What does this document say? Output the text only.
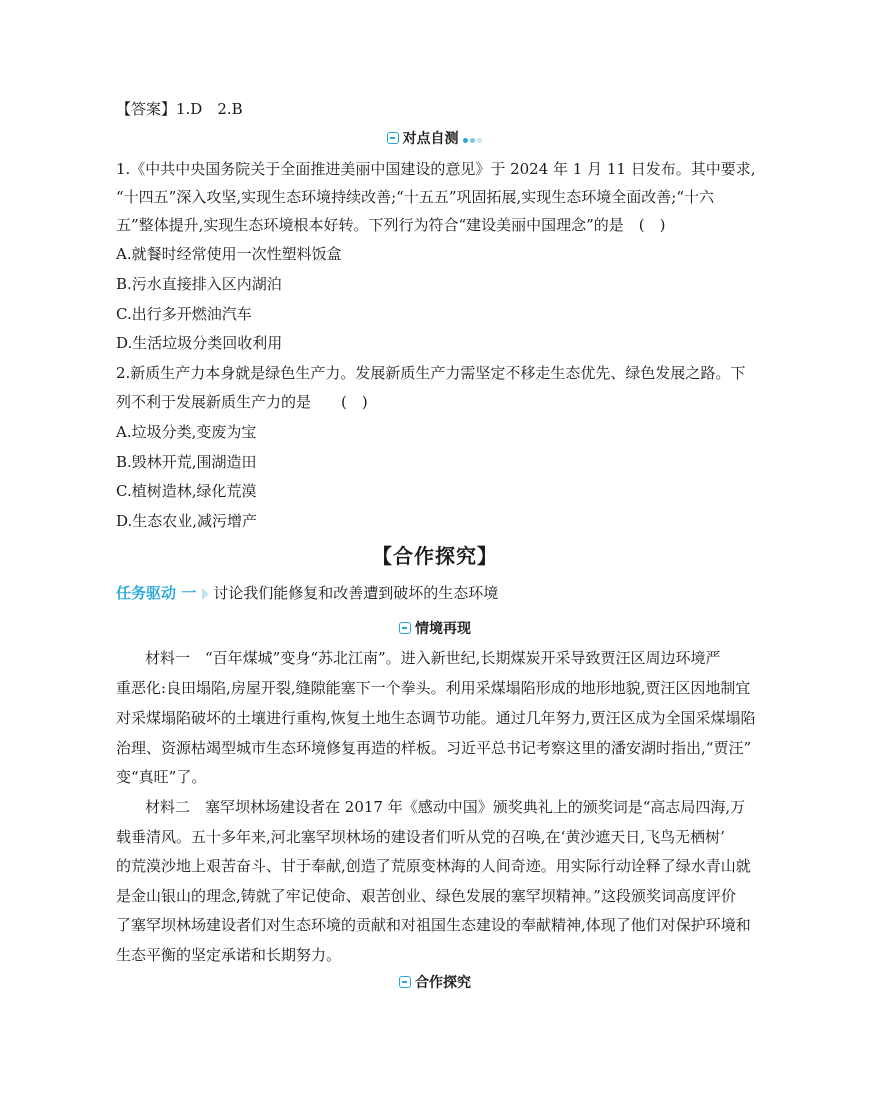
【答案】1.D　2.B
对点自测
1.《中共中央国务院关于全面推进美丽中国建设的意见》于 2024 年 1 月 11 日发布。其中要求,
“十四五”深入攻坚,实现生态环境持续改善;“十五五”巩固拓展,实现生态环境全面改善;“十六
五”整体提升,实现生态环境根本好转。下列行为符合“建设美丽中国理念”的是　(　)
A.就餐时经常使用一次性塑料饭盒
B.污水直接排入区内湖泊
C.出行多开燃油汽车
D.生活垃圾分类回收利用
2.新质生产力本身就是绿色生产力。发展新质生产力需坚定不移走生态优先、绿色发展之路。下
列不利于发展新质生产力的是　　(　)
A.垃圾分类,变废为宝
B.毁林开荒,围湖造田
C.植树造林,绿化荒漠
D.生态农业,减污增产
【合作探究】
任务驱动 一 讨论我们能修复和改善遭到破坏的生态环境
情境再现
材料一　“百年煤城”变身“苏北江南”。进入新世纪,长期煤炭开采导致贾汪区周边环境严
重恶化:良田塌陷,房屋开裂,缝隙能塞下一个拳头。利用采煤塌陷形成的地形地貌,贾汪区因地制宜
对采煤塌陷破坏的土壤进行重构,恢复土地生态调节功能。通过几年努力,贾汪区成为全国采煤塌陷
治理、资源枯竭型城市生态环境修复再造的样板。习近平总书记考察这里的潘安湖时指出,“贾汪”
变“真旺”了。
材料二　塞罕坝林场建设者在 2017 年《感动中国》颁奖典礼上的颁奖词是“高志局四海,万
载垂清风。五十多年来,河北塞罕坝林场的建设者们听从党的召唤,在‘黄沙遮天日,飞鸟无栖树’
的荒漠沙地上艰苦奋斗、甘于奉献,创造了荒原变林海的人间奇迹。用实际行动诠释了绿水青山就
是金山银山的理念,铸就了牢记使命、艰苦创业、绿色发展的塞罕坝精神。”这段颁奖词高度评价
了塞罕坝林场建设者们对生态环境的贡献和对祖国生态建设的奉献精神,体现了他们对保护环境和
生态平衡的坚定承诺和长期努力。
合作探究
